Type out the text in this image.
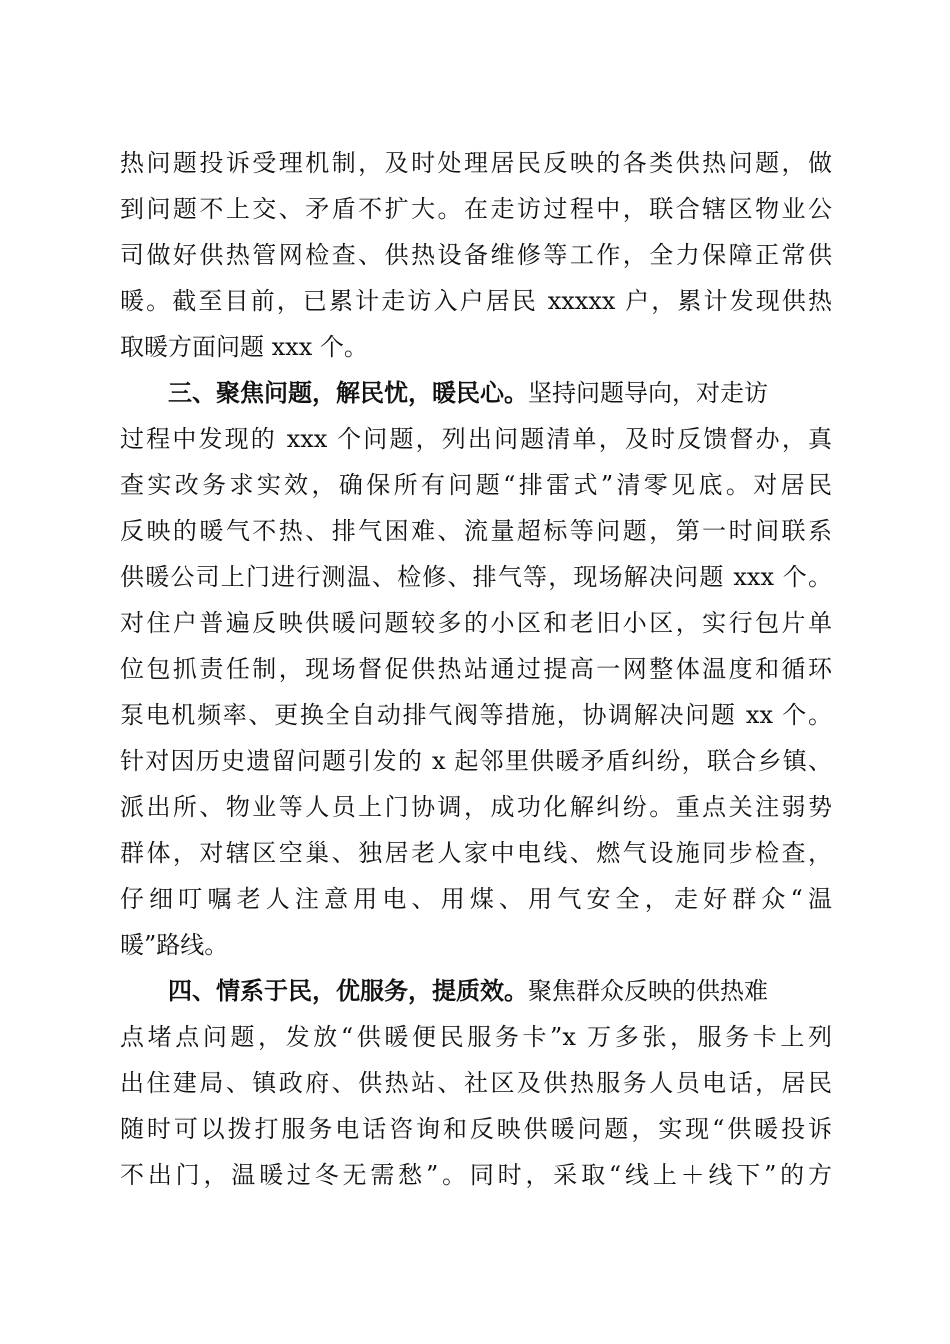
热问题投诉受理机制，及时处理居民反映的各类供热问题，做
到问题不上交、矛盾不扩大。在走访过程中，联合辖区物业公
司做好供热管网检查、供热设备维修等工作，全力保障正常供
暖。截至目前，已累计走访入户居民 xxxxx 户，累计发现供热
取暖方面问题 xxx 个。
三、聚焦问题，解民忧，暖民心。坚持问题导向，对走访
过程中发现的 xxx 个问题，列出问题清单，及时反馈督办，真
查实改务求实效，确保所有问题“排雷式”清零见底。对居民
反映的暖气不热、排气困难、流量超标等问题，第一时间联系
供暖公司上门进行测温、检修、排气等，现场解决问题 xxx 个。
对住户普遍反映供暖问题较多的小区和老旧小区，实行包片单
位包抓责任制，现场督促供热站通过提高一网整体温度和循环
泵电机频率、更换全自动排气阀等措施，协调解决问题 xx 个。
针对因历史遗留问题引发的 x 起邻里供暖矛盾纠纷，联合乡镇、
派出所、物业等人员上门协调，成功化解纠纷。重点关注弱势
群体，对辖区空巢、独居老人家中电线、燃气设施同步检查，
仔细叮嘱老人注意用电、用煤、用气安全，走好群众“温
暖”路线。
四、情系于民，优服务，提质效。聚焦群众反映的供热难
点堵点问题，发放“供暖便民服务卡”x 万多张，服务卡上列
出住建局、镇政府、供热站、社区及供热服务人员电话，居民
随时可以拨打服务电话咨询和反映供暖问题，实现“供暖投诉
不出门，温暖过冬无需愁”。同时，采取“线上＋线下”的方
